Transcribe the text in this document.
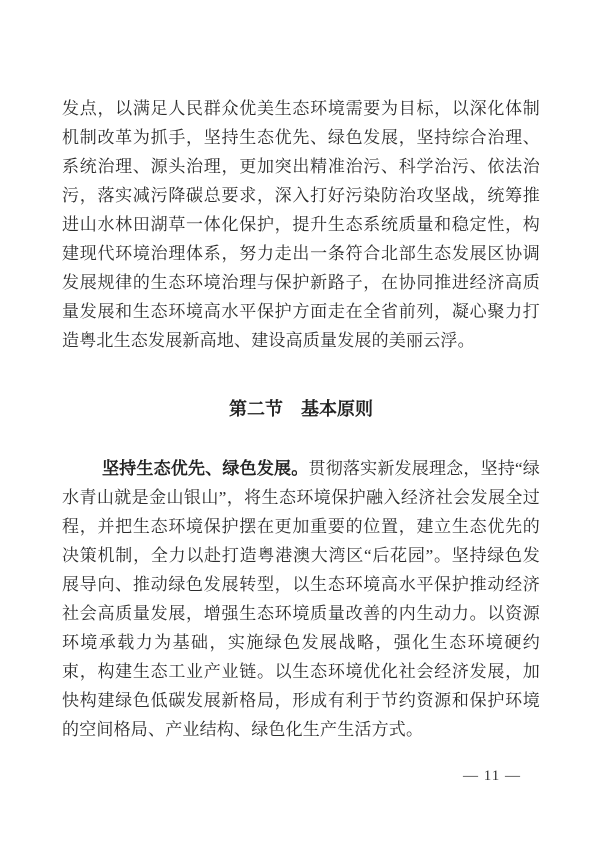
发点，以满足人民群众优美生态环境需要为目标，以深化体制机制改革为抓手，坚持生态优先、绿色发展，坚持综合治理、系统治理、源头治理，更加突出精准治污、科学治污、依法治污，落实减污降碳总要求，深入打好污染防治攻坚战，统筹推进山水林田湖草一体化保护，提升生态系统质量和稳定性，构建现代环境治理体系，努力走出一条符合北部生态发展区协调发展规律的生态环境治理与保护新路子，在协同推进经济高质量发展和生态环境高水平保护方面走在全省前列，凝心聚力打造粤北生态发展新高地、建设高质量发展的美丽云浮。

第二节　基本原则

坚持生态优先、绿色发展。贯彻落实新发展理念，坚持“绿水青山就是金山银山”，将生态环境保护融入经济社会发展全过程，并把生态环境保护摆在更加重要的位置，建立生态优先的决策机制，全力以赴打造粤港澳大湾区“后花园”。坚持绿色发展导向、推动绿色发展转型，以生态环境高水平保护推动经济社会高质量发展，增强生态环境质量改善的内生动力。以资源环境承载力为基础，实施绿色发展战略，强化生态环境硬约束，构建生态工业产业链。以生态环境优化社会经济发展，加快构建绿色低碳发展新格局，形成有利于节约资源和保护环境的空间格局、产业结构、绿色化生产生活方式。

— 11 —
